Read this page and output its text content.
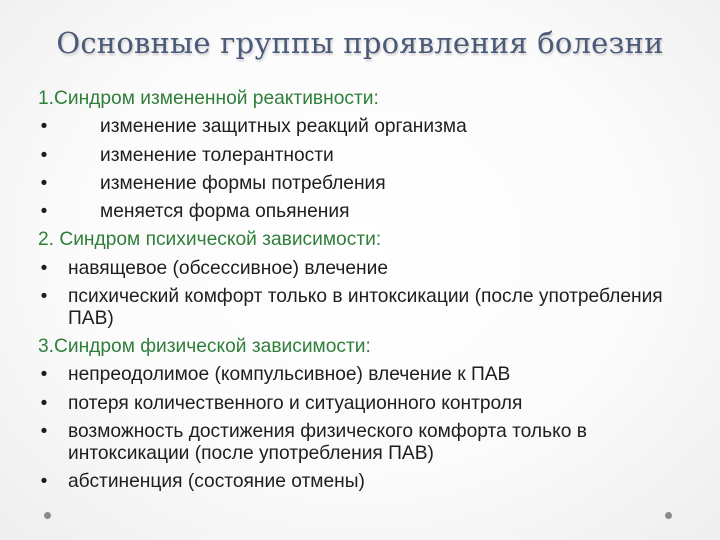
Основные группы проявления болезни
1.Синдром измененной реактивности:
•	изменение защитных реакций организма
•	изменение толерантности
•	изменение формы потребления
•	меняется форма опьянения
2. Синдром психической зависимости:
• навящевое (обсессивное) влечение
• психический комфорт только в интоксикации (после употребления ПАВ)
3.Синдром физической зависимости:
• непреодолимое (компульсивное) влечение к ПАВ
• потеря количественного и ситуационного контроля
• возможность достижения физического комфорта только в интоксикации (после употребления ПАВ)
• абстиненция (состояние отмены)
